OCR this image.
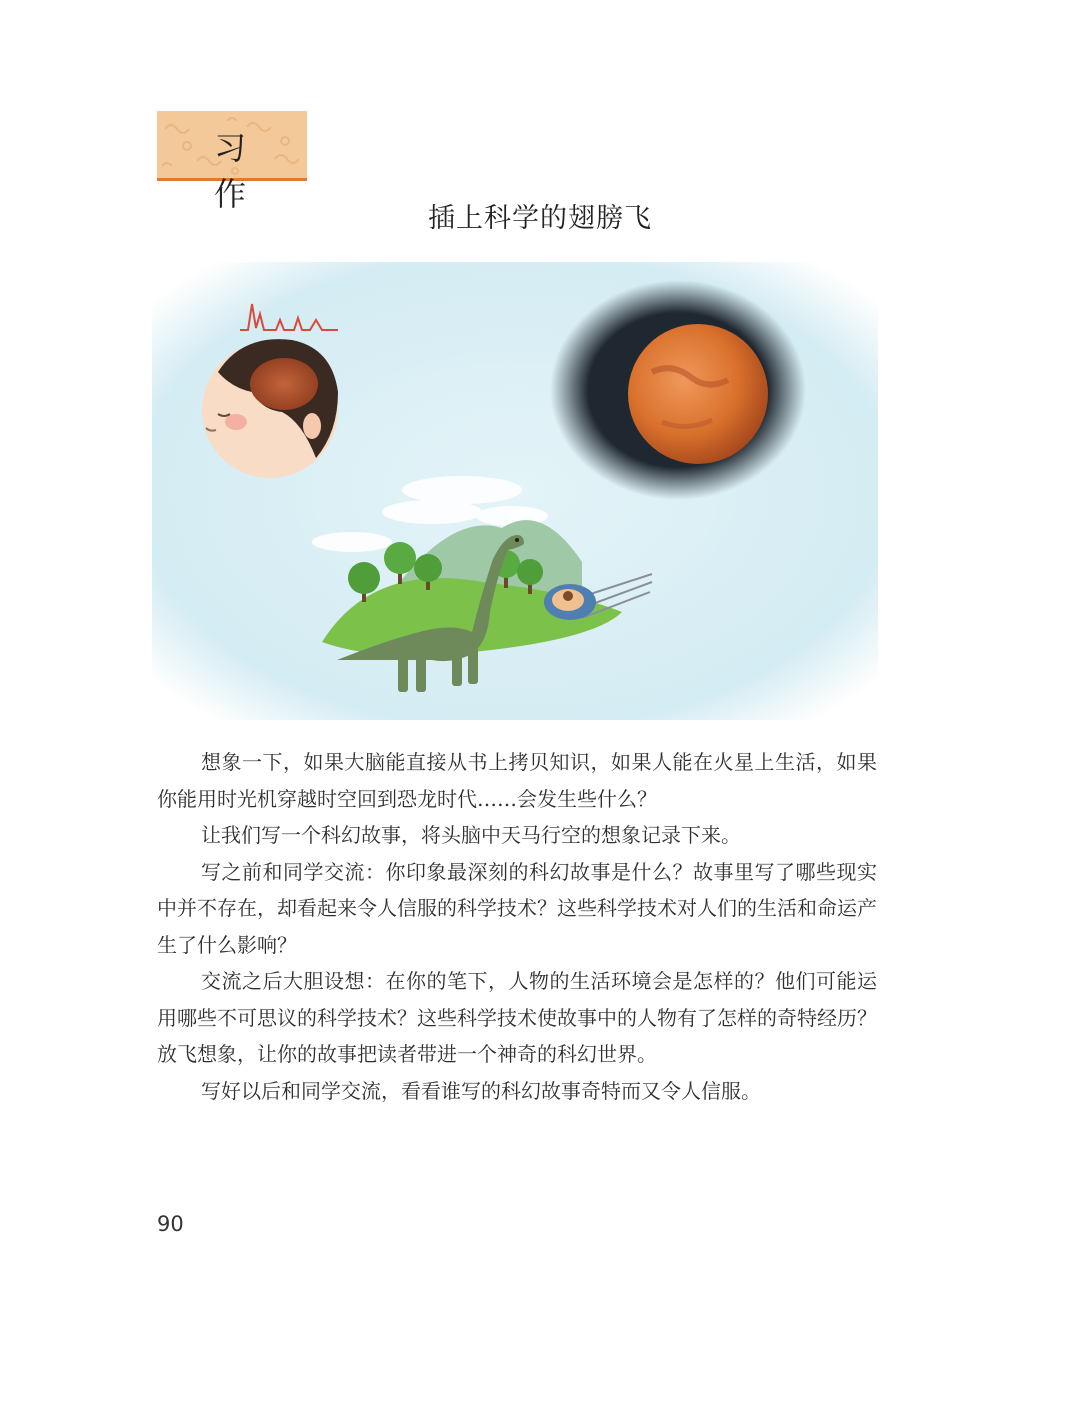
习 作
插上科学的翅膀飞

想象一下，如果大脑能直接从书上拷贝知识，如果人能在火星上生活，如果你能用时光机穿越时空回到恐龙时代……会发生些什么？

让我们写一个科幻故事，将头脑中天马行空的想象记录下来。

写之前和同学交流：你印象最深刻的科幻故事是什么？故事里写了哪些现实中并不存在，却看起来令人信服的科学技术？这些科学技术对人们的生活和命运产生了什么影响？

交流之后大胆设想：在你的笔下，人物的生活环境会是怎样的？他们可能运用哪些不可思议的科学技术？这些科学技术使故事中的人物有了怎样的奇特经历？放飞想象，让你的故事把读者带进一个神奇的科幻世界。

写好以后和同学交流，看看谁写的科幻故事奇特而又令人信服。

90
